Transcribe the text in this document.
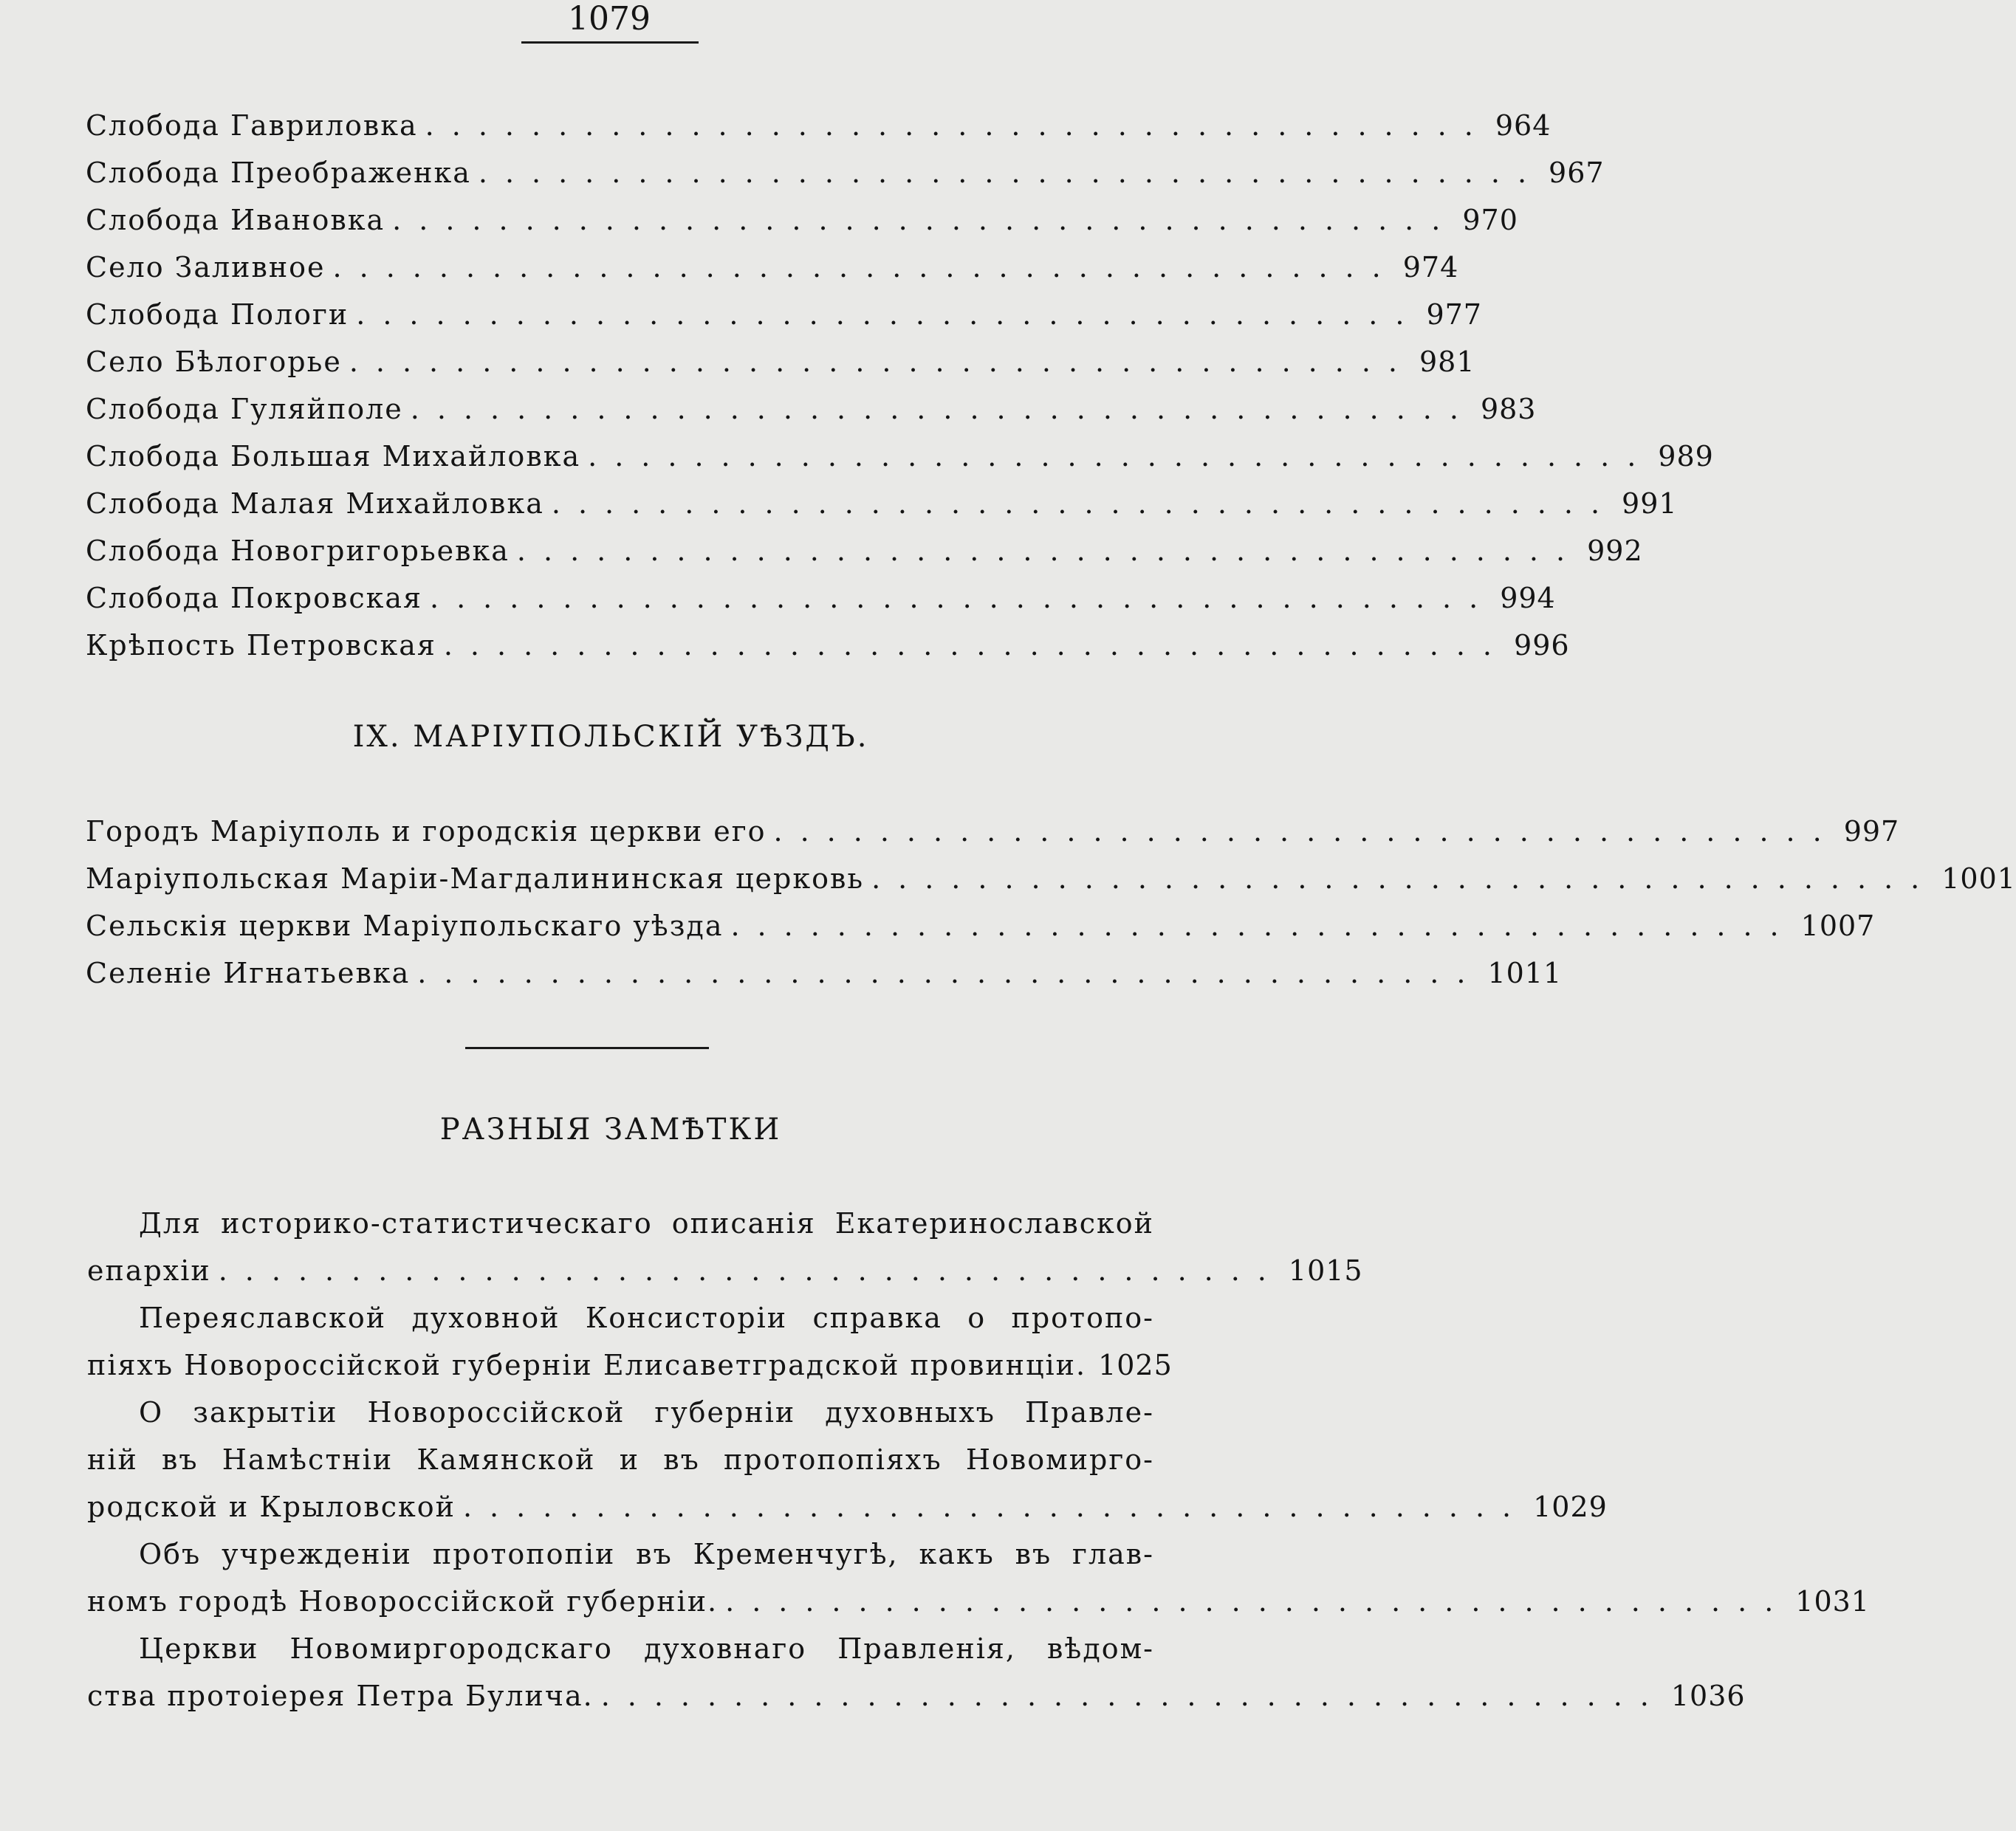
1079
Слобода Гавриловка ........................................ 964
Слобода Преображенка ........................................ 967
Слобода Ивановка ........................................ 970
Село Заливное ........................................ 974
Слобода Пологи ........................................ 977
Село Бѣлогорье ........................................ 981
Слобода Гуляйполе ........................................ 983
Слобода Большая Михайловка ........................................ 989
Слобода Малая Михайловка ........................................ 991
Слобода Новогригорьевка ........................................ 992
Слобода Покровская ........................................ 994
Крѣпость Петровская ........................................ 996
IX. МАРІУПОЛЬСКІЙ УѢЗДЪ.
Городъ Маріуполь и городскія церкви его ........................................ 997
Маріупольская Маріи-Магдалининская церковь ........................................ 1001
Сельскія церкви Маріупольскаго уѣзда ........................................ 1007
Селеніе Игнатьевка ........................................ 1011
РАЗНЫЯ ЗАМѢТКИ
Для историко-статистическаго описанія Екатеринославской
епархіи ........................................ 1015
Переяславской духовной Консисторіи справка о протопо-
піяхъ Новороссійской губерніи Елисаветградской провинціи. 1025
О закрытіи Новороссійской губерніи духовныхъ Правле-
ній въ Намѣстніи Камянской и въ протопопіяхъ Новомирго-
родской и Крыловской ........................................ 1029
Объ учрежденіи протопопіи въ Кременчугѣ, какъ въ глав-
номъ городѣ Новороссійской губерніи. ........................................ 1031
Церкви Новомиргородскаго духовнаго Правленія, вѣдом-
ства протоіерея Петра Булича. ........................................ 1036
